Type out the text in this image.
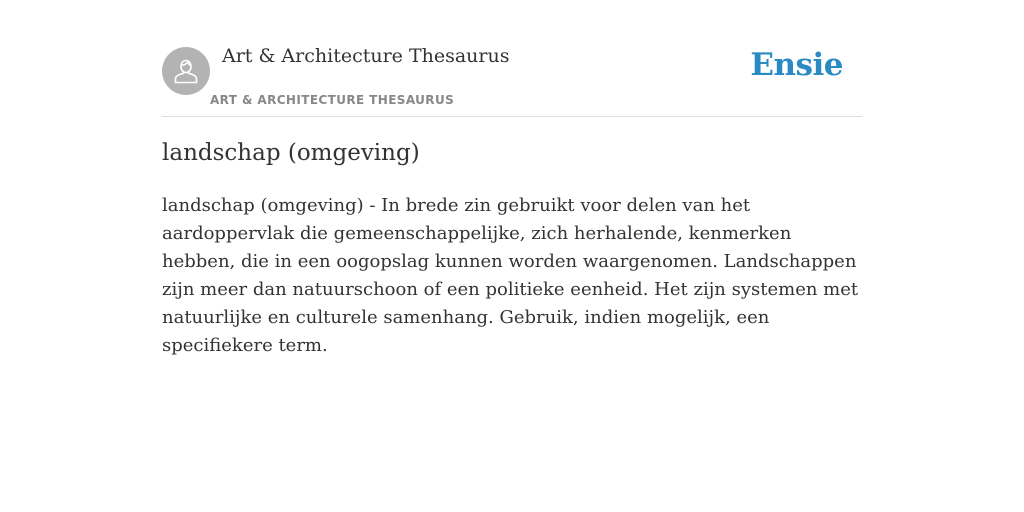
Art & Architecture Thesaurus
ART & ARCHITECTURE THESAURUS
Ensie
landschap (omgeving)

landschap (omgeving) - In brede zin gebruikt voor delen van het aardoppervlak die gemeenschappelijke, zich herhalende, kenmerken hebben, die in een oogopslag kunnen worden waargenomen. Landschappen zijn meer dan natuurschoon of een politieke eenheid. Het zijn systemen met natuurlijke en culturele samenhang. Gebruik, indien mogelijk, een specifiekere term.
